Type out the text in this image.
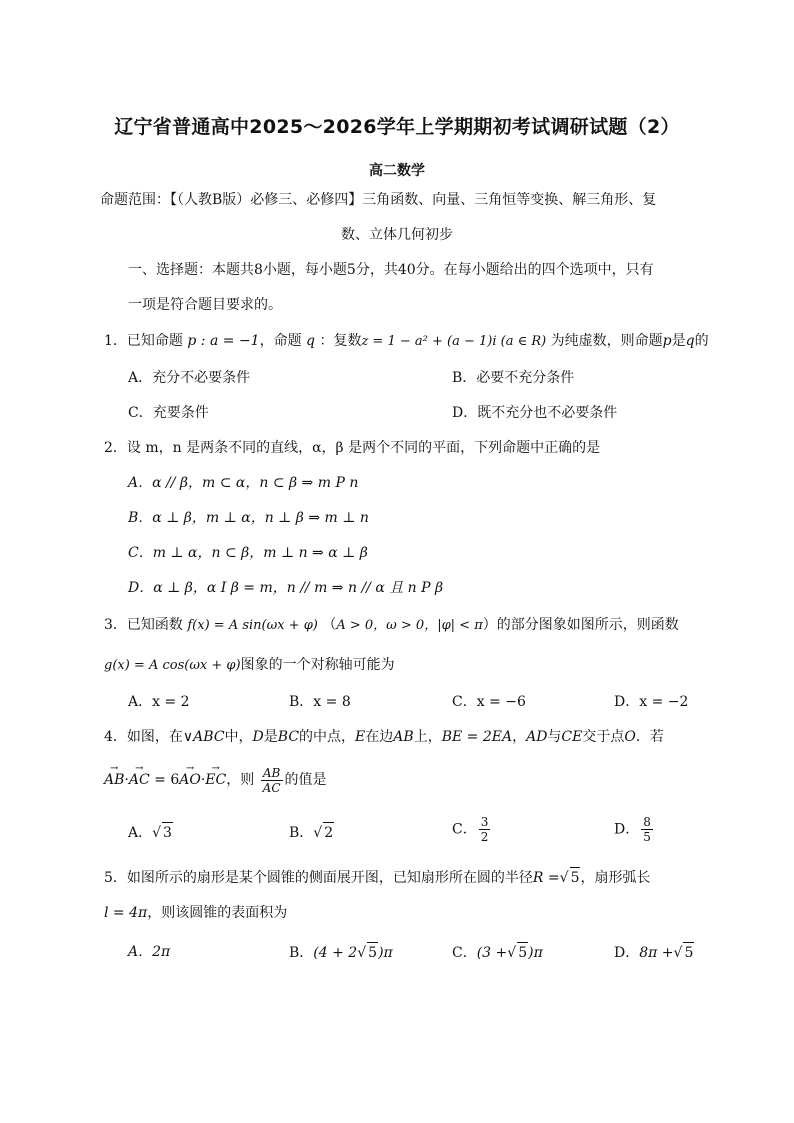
辽宁省普通高中2025～2026学年上学期期初考试调研试题（2）
高二数学
命题范围：【（人教B版）必修三、必修四】三角函数、向量、三角恒等变换、解三角形、复
数、立体几何初步
一、选择题：本题共8小题，每小题5分，共40分。在每小题给出的四个选项中，只有
一项是符合题目要求的。
1．已知命题 p : a = −1，命题 q ：复数z = 1 − a² + (a − 1)i (a ∈ R) 为纯虚数，则命题p是q的
A．充分不必要条件	B．必要不充分条件
C．充要条件	D．既不充分也不必要条件
2．设 m，n 是两条不同的直线，α，β 是两个不同的平面，下列命题中正确的是
A．α // β，m ⊂ α，n ⊂ β ⇒ m P n
B．α ⊥ β，m ⊥ α，n ⊥ β ⇒ m ⊥ n
C．m ⊥ α，n ⊂ β，m ⊥ n ⇒ α ⊥ β
D．α ⊥ β，α I β = m，n // m ⇒ n // α 且 n P β
3．已知函数 f(x) = A sin(ωx + φ) （A > 0，ω > 0，|φ| < π）的部分图象如图所示，则函数
g(x) = A cos(ωx + φ)图象的一个对称轴可能为
A．x = 2	B．x = 8	C．x = −6	D．x = −2
4．如图，在∨ABC中，D是BC的中点，E在边AB上，BE = 2EA，AD与CE交于点O．若
→ AB·→ AC = 6→ AO·→ EC，则 $\frac{AB}{AC}$ 的值是
A．√ 3	B．√ 2	C． $\frac{3}{2}$	D． $\frac{8}{5}$
5．如图所示的扇形是某个圆锥的侧面展开图，已知扇形所在圆的半径R =√ 5，扇形弧长
l = 4π，则该圆锥的表面积为
A．2π	B．(4 + 2√ 5)π	C．(3 +√ 5)π	D．8π +√ 5
